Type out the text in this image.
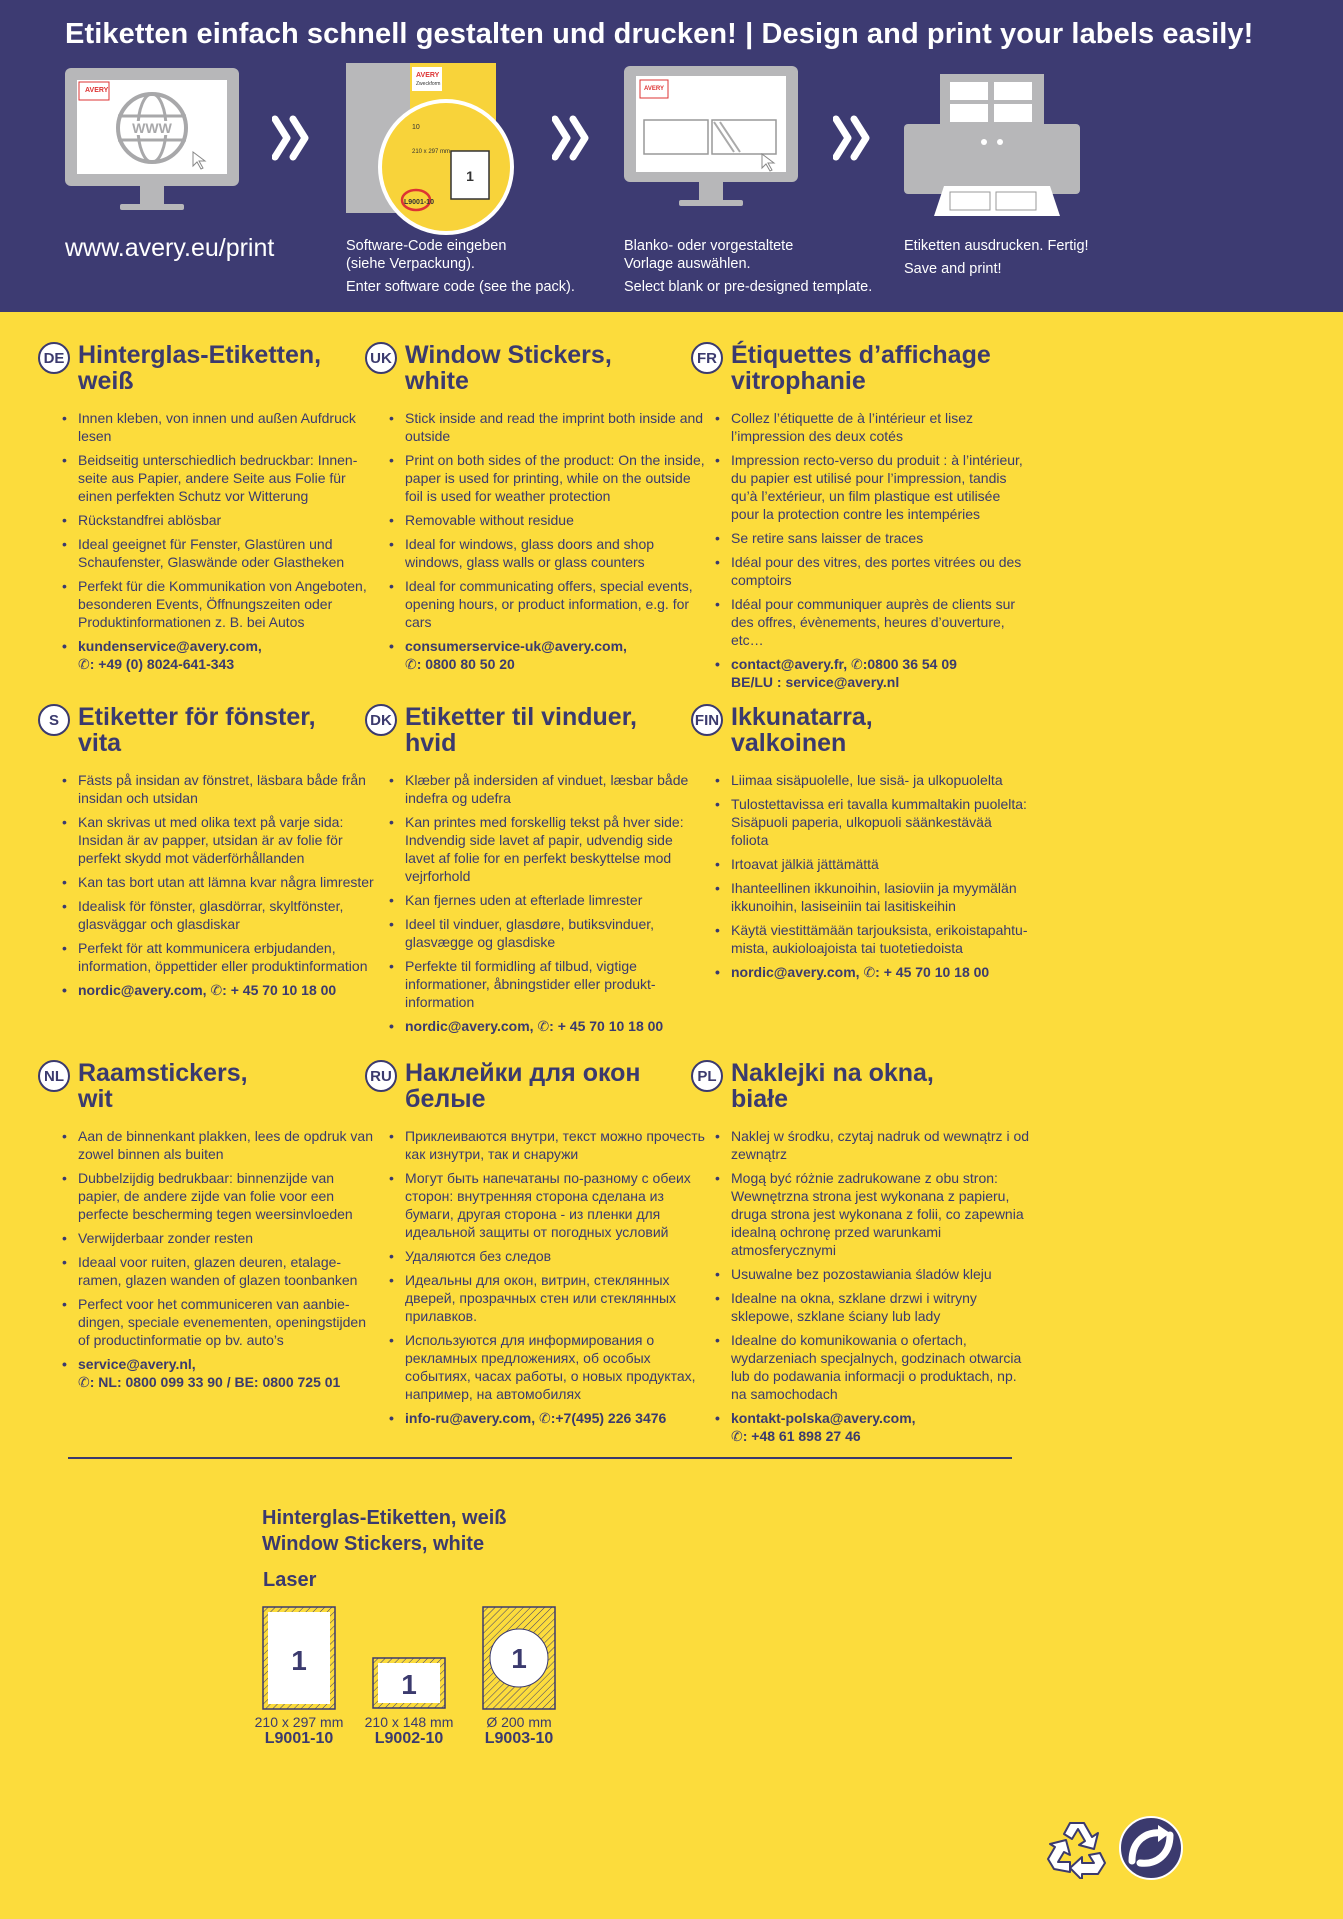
Etiketten einfach schnell gestalten und drucken! | Design and print your labels easily!
AVERY
WWW
www.avery.eu/print
AVERY
Zweckform
10
210 x 297 mm
1
L9001-10
Software-Code eingeben
(siehe Verpackung).
Enter software code (see the pack).
AVERY
Blanko- oder vorgestaltete
Vorlage auswählen.
Select blank or pre-designed template.
Etiketten ausdrucken. Fertig!
Save and print!
DE Hinterglas-Etiketten,
weiß
• Innen kleben, von innen und außen Aufdruck lesen
• Beidseitig unterschiedlich bedruckbar: Innen-seite aus Papier, andere Seite aus Folie für einen perfekten Schutz vor Witterung
• Rückstandfrei ablösbar
• Ideal geeignet für Fenster, Glastüren und Schaufenster, Glaswände oder Glastheken
• Perfekt für die Kommunikation von Angeboten, besonderen Events, Öffnungszeiten oder Produktinformationen z. B. bei Autos
• kundenservice@avery.com,
✆: +49 (0) 8024-641-343
UK Window Stickers,
white
• Stick inside and read the imprint both inside and outside
• Print on both sides of the product: On the inside, paper is used for printing, while on the outside foil is used for weather protection
• Removable without residue
• Ideal for windows, glass doors and shop windows, glass walls or glass counters
• Ideal for communicating offers, special events, opening hours, or product information, e.g. for cars
• consumerservice-uk@avery.com,
✆: 0800 80 50 20
FR Étiquettes d’affichage
vitrophanie
• Collez l’étiquette de à l’intérieur et lisez l’impression des deux cotés
• Impression recto-verso du produit : à l’intérieur, du papier est utilisé pour l’impression, tandis qu’à l’extérieur, un film plastique est utilisée pour la protection contre les intempéries
• Se retire sans laisser de traces
• Idéal pour des vitres, des portes vitrées ou des comptoirs
• Idéal pour communiquer auprès de clients sur des offres, évènements, heures d’ouverture, etc…
• contact@avery.fr, ✆:0800 36 54 09
BE/LU : service@avery.nl
S Etiketter för fönster,
vita
• Fästs på insidan av fönstret, läsbara både från insidan och utsidan
• Kan skrivas ut med olika text på varje sida: Insidan är av papper, utsidan är av folie för perfekt skydd mot väderförhållanden
• Kan tas bort utan att lämna kvar några limrester
• Idealisk för fönster, glasdörrar, skyltfönster, glasväggar och glasdiskar
• Perfekt för att kommunicera erbjudanden, information, öppettider eller produktinformation
• nordic@avery.com, ✆: + 45 70 10 18 00
DK Etiketter til vinduer,
hvid
• Klæber på indersiden af vinduet, læsbar både indefra og udefra
• Kan printes med forskellig tekst på hver side: Indvendig side lavet af papir, udvendig side lavet af folie for en perfekt beskyttelse mod vejrforhold
• Kan fjernes uden at efterlade limrester
• Ideel til vinduer, glasdøre, butiksvinduer, glasvægge og glasdiske
• Perfekte til formidling af tilbud, vigtige informationer, åbningstider eller produkt-information
• nordic@avery.com, ✆: + 45 70 10 18 00
FIN Ikkunatarra,
valkoinen
• Liimaa sisäpuolelle, lue sisä- ja ulkopuolelta
• Tulostettavissa eri tavalla kummaltakin puolelta: Sisäpuoli paperia, ulkopuoli säänkestävää foliota
• Irtoavat jälkiä jättämättä
• Ihanteellinen ikkunoihin, lasioviin ja myymälän ikkunoihin, lasiseiniin tai lasitiskeihin
• Käytä viestittämään tarjouksista, erikoistapahtu-mista, aukioloajoista tai tuotetiedoista
• nordic@avery.com, ✆: + 45 70 10 18 00
NL Raamstickers,
wit
• Aan de binnenkant plakken, lees de opdruk van zowel binnen als buiten
• Dubbelzijdig bedrukbaar: binnenzijde van papier, de andere zijde van folie voor een perfecte bescherming tegen weersinvloeden
• Verwijderbaar zonder resten
• Ideaal voor ruiten, glazen deuren, etalage-ramen, glazen wanden of glazen toonbanken
• Perfect voor het communiceren van aanbie-dingen, speciale evenementen, openingstijden of productinformatie op bv. auto’s
• service@avery.nl,
✆: NL: 0800 099 33 90 / BE: 0800 725 01
RU Наклейки для окон
белые
• Приклеиваются внутри, текст можно прочесть как изнутри, так и снаружи
• Могут быть напечатаны по-разному с обеих сторон: внутренняя сторона сделана из бумаги, другая сторона - из пленки для идеальной защиты от погодных условий
• Удаляются без следов
• Идеальны для окон, витрин, стеклянных дверей, прозрачных стен или стеклянных прилавков.
• Используются для информирования о рекламных предложениях, об особых событиях, часах работы, о новых продуктах, например, на автомобилях
• info-ru@avery.com, ✆:+7(495) 226 3476
PL Naklejki na okna,
białe
• Naklej w środku, czytaj nadruk od wewnątrz i od zewnątrz
• Mogą być różnie zadrukowane z obu stron: Wewnętrzna strona jest wykonana z papieru, druga strona jest wykonana z folii, co zapewnia idealną ochronę przed warunkami atmosferycznymi
• Usuwalne bez pozostawiania śladów kleju
• Idealne na okna, szklane drzwi i witryny sklepowe, szklane ściany lub lady
• Idealne do komunikowania o ofertach, wydarzeniach specjalnych, godzinach otwarcia lub do podawania informacji o produktach, np. na samochodach
• kontakt-polska@avery.com,
✆: +48 61 898 27 46
Hinterglas-Etiketten, weiß
Window Stickers, white
Laser
1
210 x 297 mm
L9001-10
1
210 x 148 mm
L9002-10
1
Ø 200 mm
L9003-10
